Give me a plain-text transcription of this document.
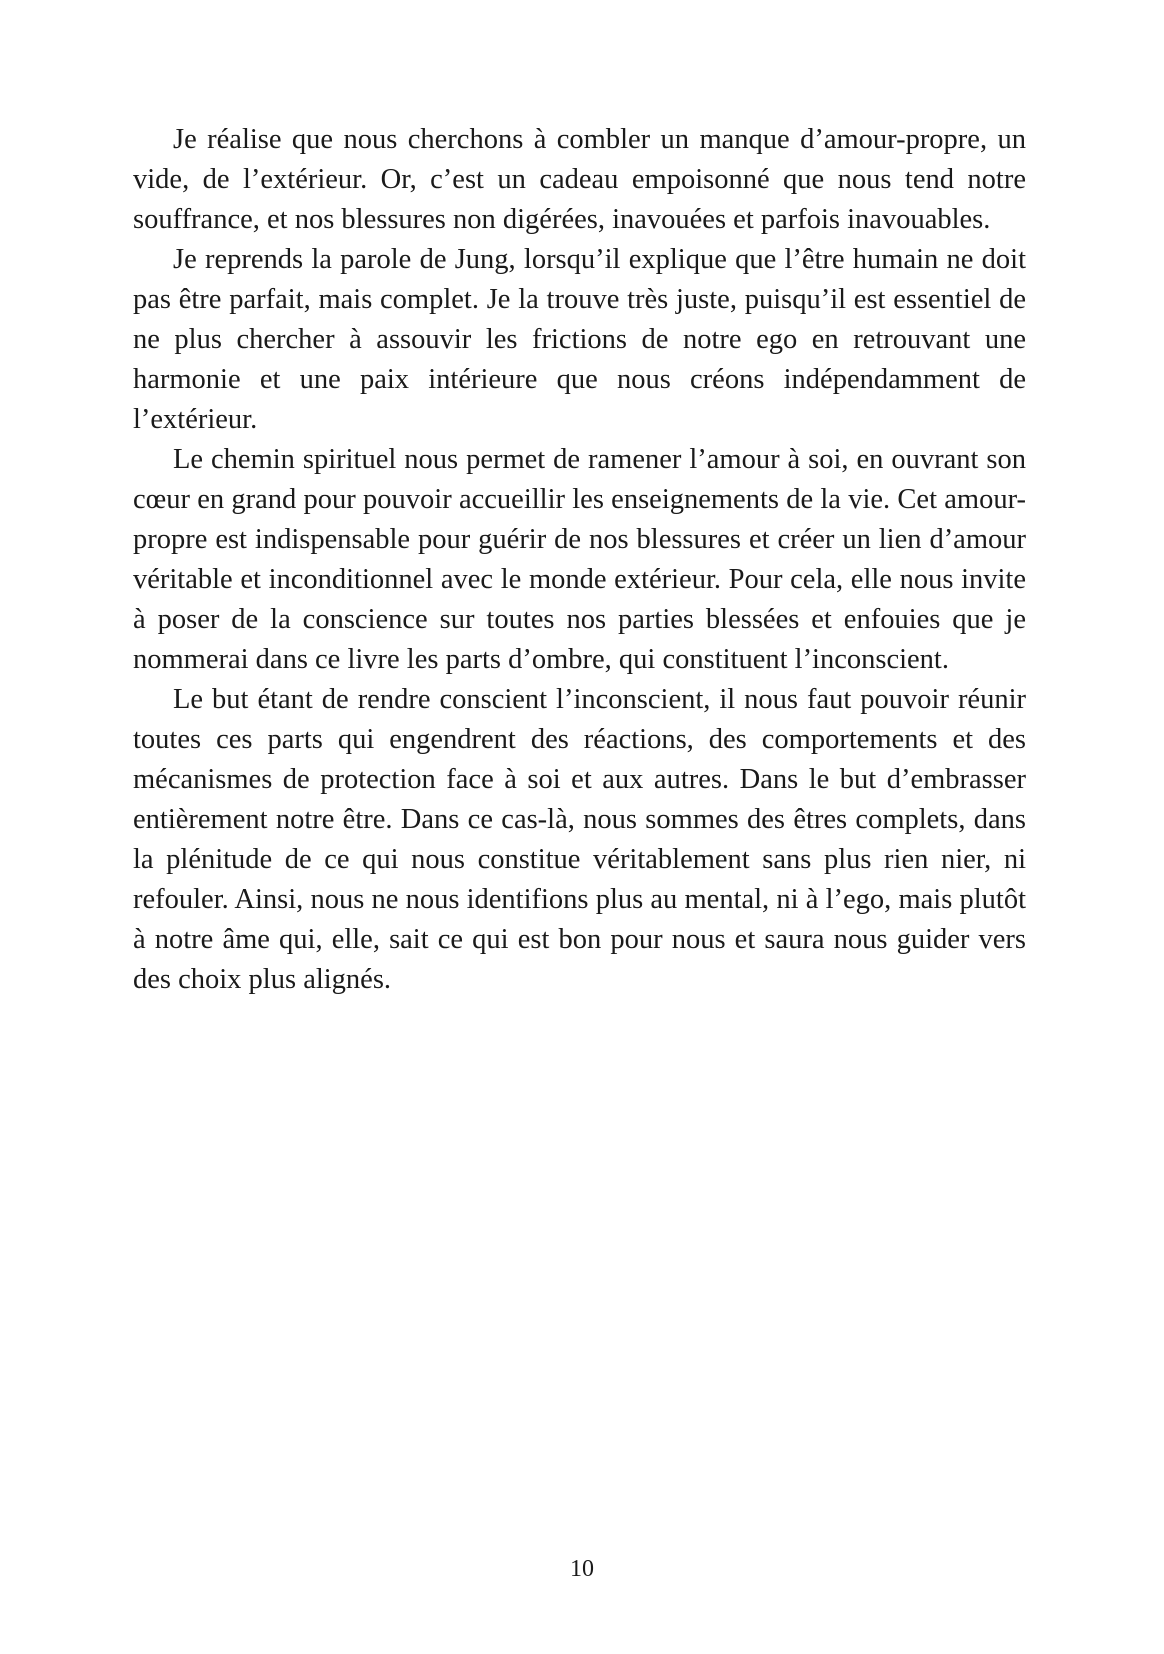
Je réalise que nous cherchons à combler un manque d’amour-propre, un vide, de l’extérieur. Or, c’est un cadeau empoisonné que nous tend notre souffrance, et nos blessures non digérées, inavouées et parfois inavouables.

Je reprends la parole de Jung, lorsqu’il explique que l’être humain ne doit pas être parfait, mais complet. Je la trouve très juste, puisqu’il est essentiel de ne plus chercher à assouvir les frictions de notre ego en retrouvant une harmonie et une paix intérieure que nous créons indépendamment de l’extérieur.

Le chemin spirituel nous permet de ramener l’amour à soi, en ouvrant son cœur en grand pour pouvoir accueillir les enseignements de la vie. Cet amour-propre est indispensable pour guérir de nos blessures et créer un lien d’amour véritable et inconditionnel avec le monde extérieur. Pour cela, elle nous invite à poser de la conscience sur toutes nos parties blessées et enfouies que je nommerai dans ce livre les parts d’ombre, qui constituent l’inconscient.

Le but étant de rendre conscient l’inconscient, il nous faut pouvoir réunir toutes ces parts qui engendrent des réactions, des comportements et des mécanismes de protection face à soi et aux autres. Dans le but d’embrasser entièrement notre être. Dans ce cas-là, nous sommes des êtres complets, dans la plénitude de ce qui nous constitue véritablement sans plus rien nier, ni refouler. Ainsi, nous ne nous identifions plus au mental, ni à l’ego, mais plutôt à notre âme qui, elle, sait ce qui est bon pour nous et saura nous guider vers des choix plus alignés.

10
